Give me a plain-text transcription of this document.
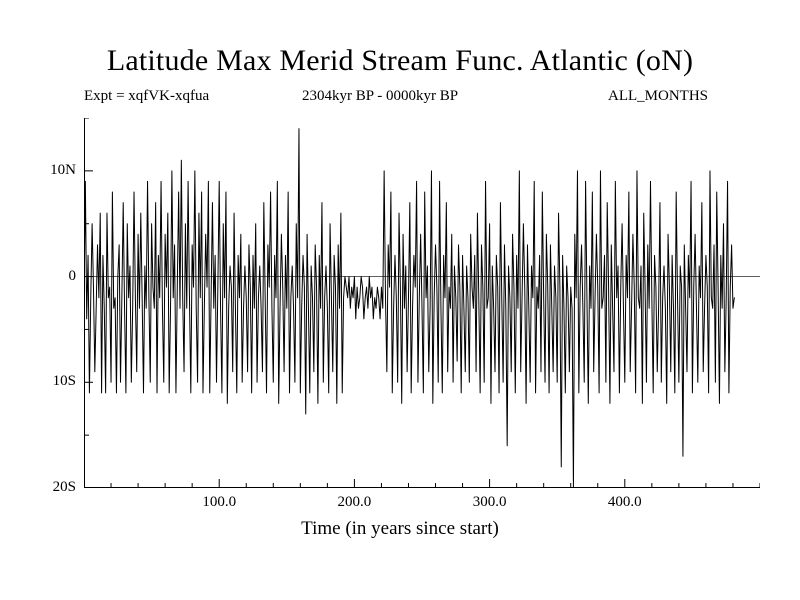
Latitude Max Merid Stream Func. Atlantic (oN)
Expt = xqfVK-xqfua	2304kyr BP - 0000kyr BP	ALL_MONTHS
10N
0
10S
20S
100.0	200.0	300.0	400.0
Time (in years since start)
